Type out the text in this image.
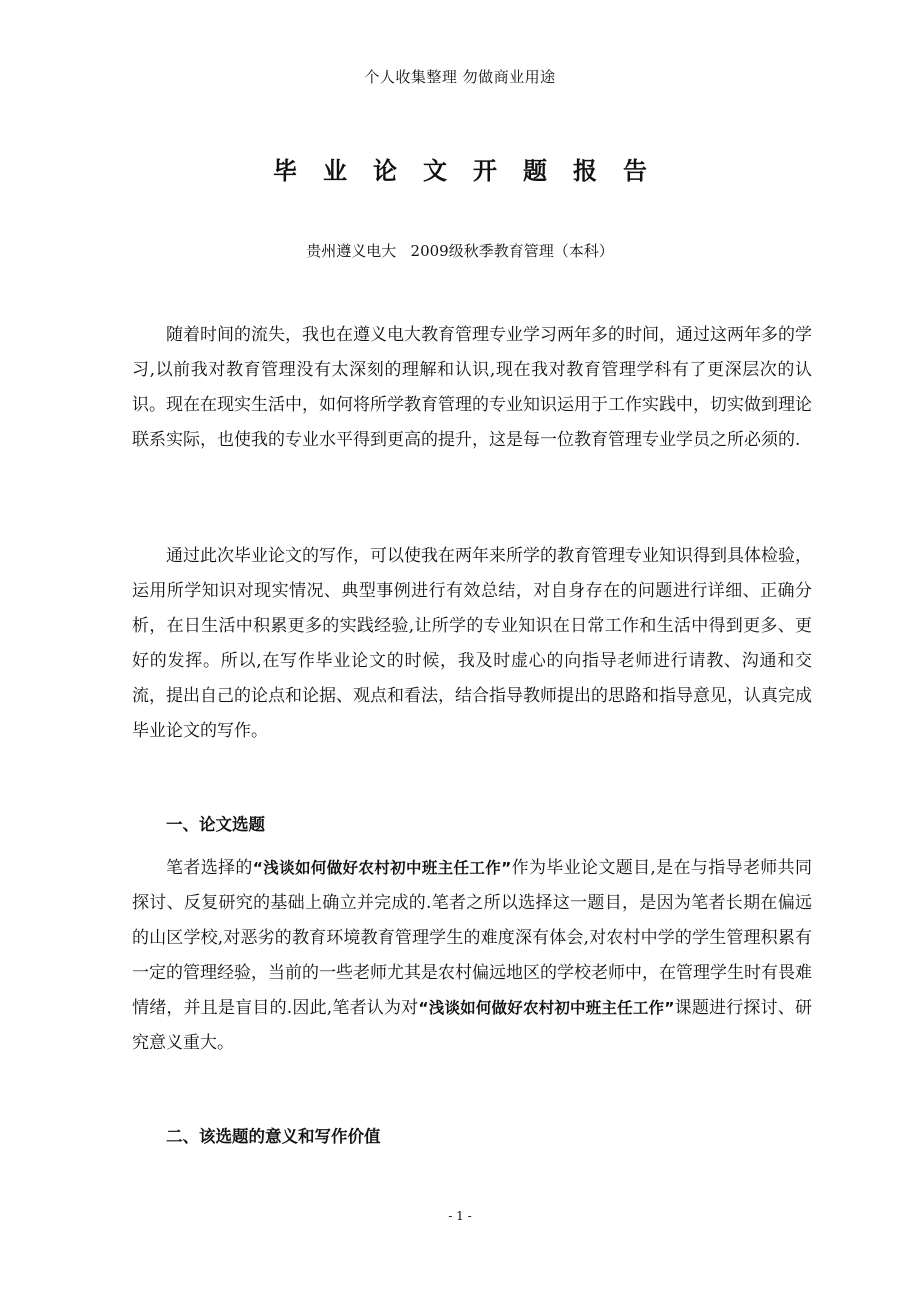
个人收集整理 勿做商业用途
毕业论文开题报告
贵州遵义电大   2009级秋季教育管理（本科）

随着时间的流失，我也在遵义电大教育管理专业学习两年多的时间，通过这两年多的学习,以前我对教育管理没有太深刻的理解和认识,现在我对教育管理学科有了更深层次的认识。现在在现实生活中，如何将所学教育管理的专业知识运用于工作实践中，切实做到理论联系实际，也使我的专业水平得到更高的提升，这是每一位教育管理专业学员之所必须的.

通过此次毕业论文的写作，可以使我在两年来所学的教育管理专业知识得到具体检验，运用所学知识对现实情况、典型事例进行有效总结，对自身存在的问题进行详细、正确分析，在日生活中积累更多的实践经验,让所学的专业知识在日常工作和生活中得到更多、更好的发挥。所以,在写作毕业论文的时候，我及时虚心的向指导老师进行请教、沟通和交流，提出自己的论点和论据、观点和看法，结合指导教师提出的思路和指导意见，认真完成毕业论文的写作。

一、论文选题

笔者选择的“浅谈如何做好农村初中班主任工作”作为毕业论文题目,是在与指导老师共同探讨、反复研究的基础上确立并完成的.笔者之所以选择这一题目，是因为笔者长期在偏远的山区学校,对恶劣的教育环境教育管理学生的难度深有体会,对农村中学的学生管理积累有一定的管理经验，当前的一些老师尤其是农村偏远地区的学校老师中，在管理学生时有畏难情绪，并且是盲目的.因此,笔者认为对“浅谈如何做好农村初中班主任工作”课题进行探讨、研究意义重大。

二、该选题的意义和写作价值

- 1 -
